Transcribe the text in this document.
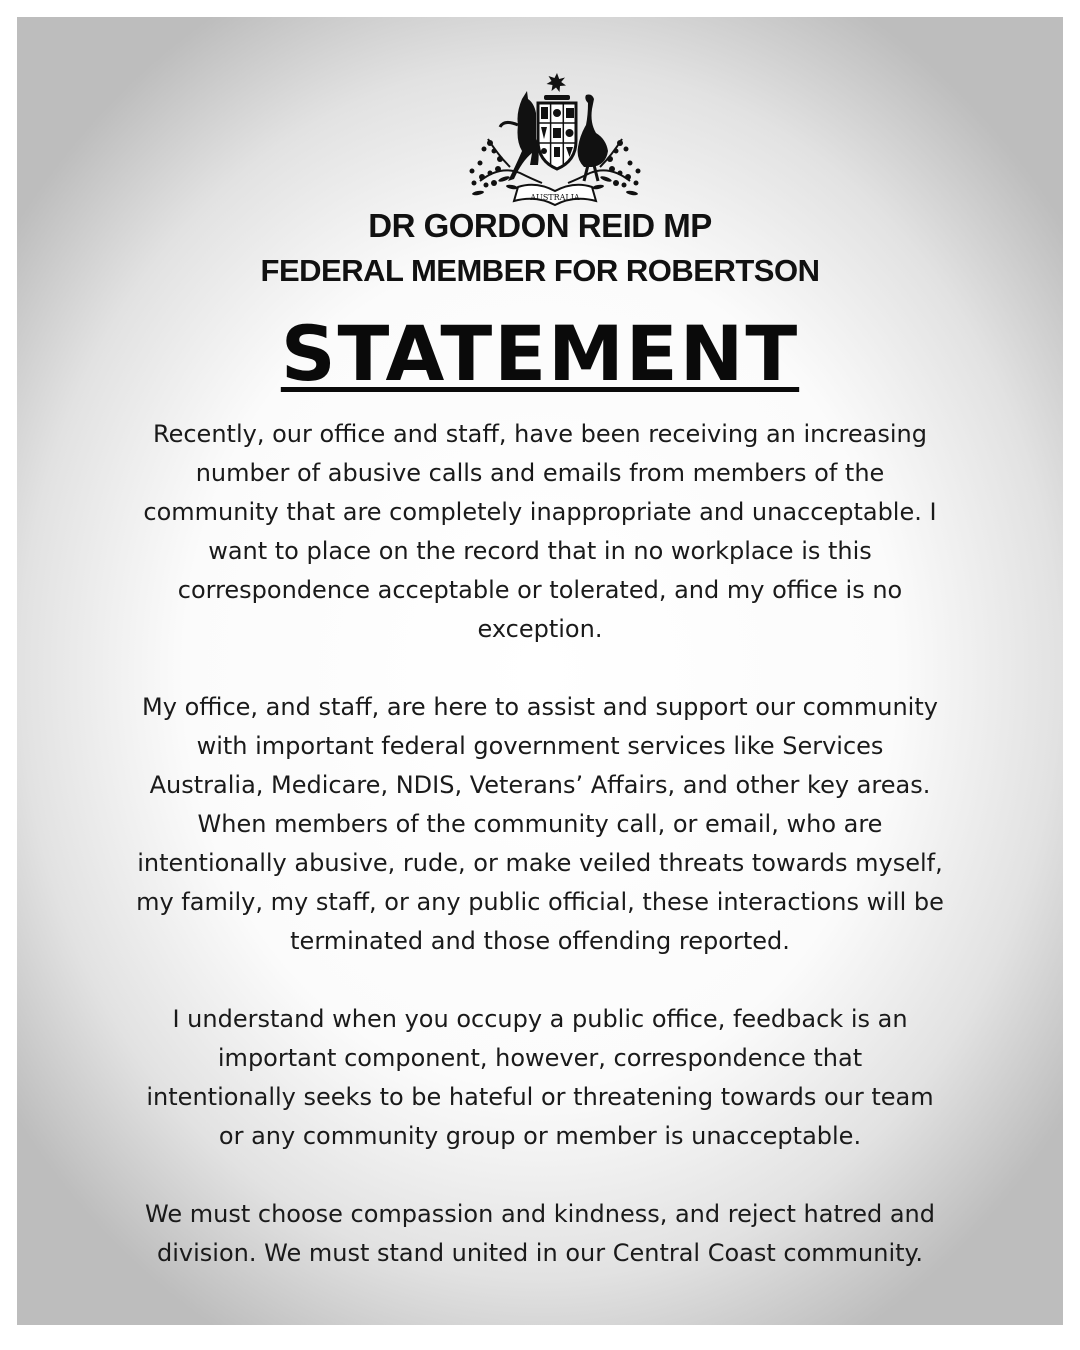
AUSTRALIA
DR GORDON REID MP
FEDERAL MEMBER FOR ROBERTSON
STATEMENT

Recently, our office and staff, have been receiving an increasing
number of abusive calls and emails from members of the
community that are completely inappropriate and unacceptable. I
want to place on the record that in no workplace is this
correspondence acceptable or tolerated, and my office is no
exception.

My office, and staff, are here to assist and support our community
with important federal government services like Services
Australia, Medicare, NDIS, Veterans’ Affairs, and other key areas.
When members of the community call, or email, who are
intentionally abusive, rude, or make veiled threats towards myself,
my family, my staff, or any public official, these interactions will be
terminated and those offending reported.

I understand when you occupy a public office, feedback is an
important component, however, correspondence that
intentionally seeks to be hateful or threatening towards our team
or any community group or member is unacceptable.

We must choose compassion and kindness, and reject hatred and
division. We must stand united in our Central Coast community.
